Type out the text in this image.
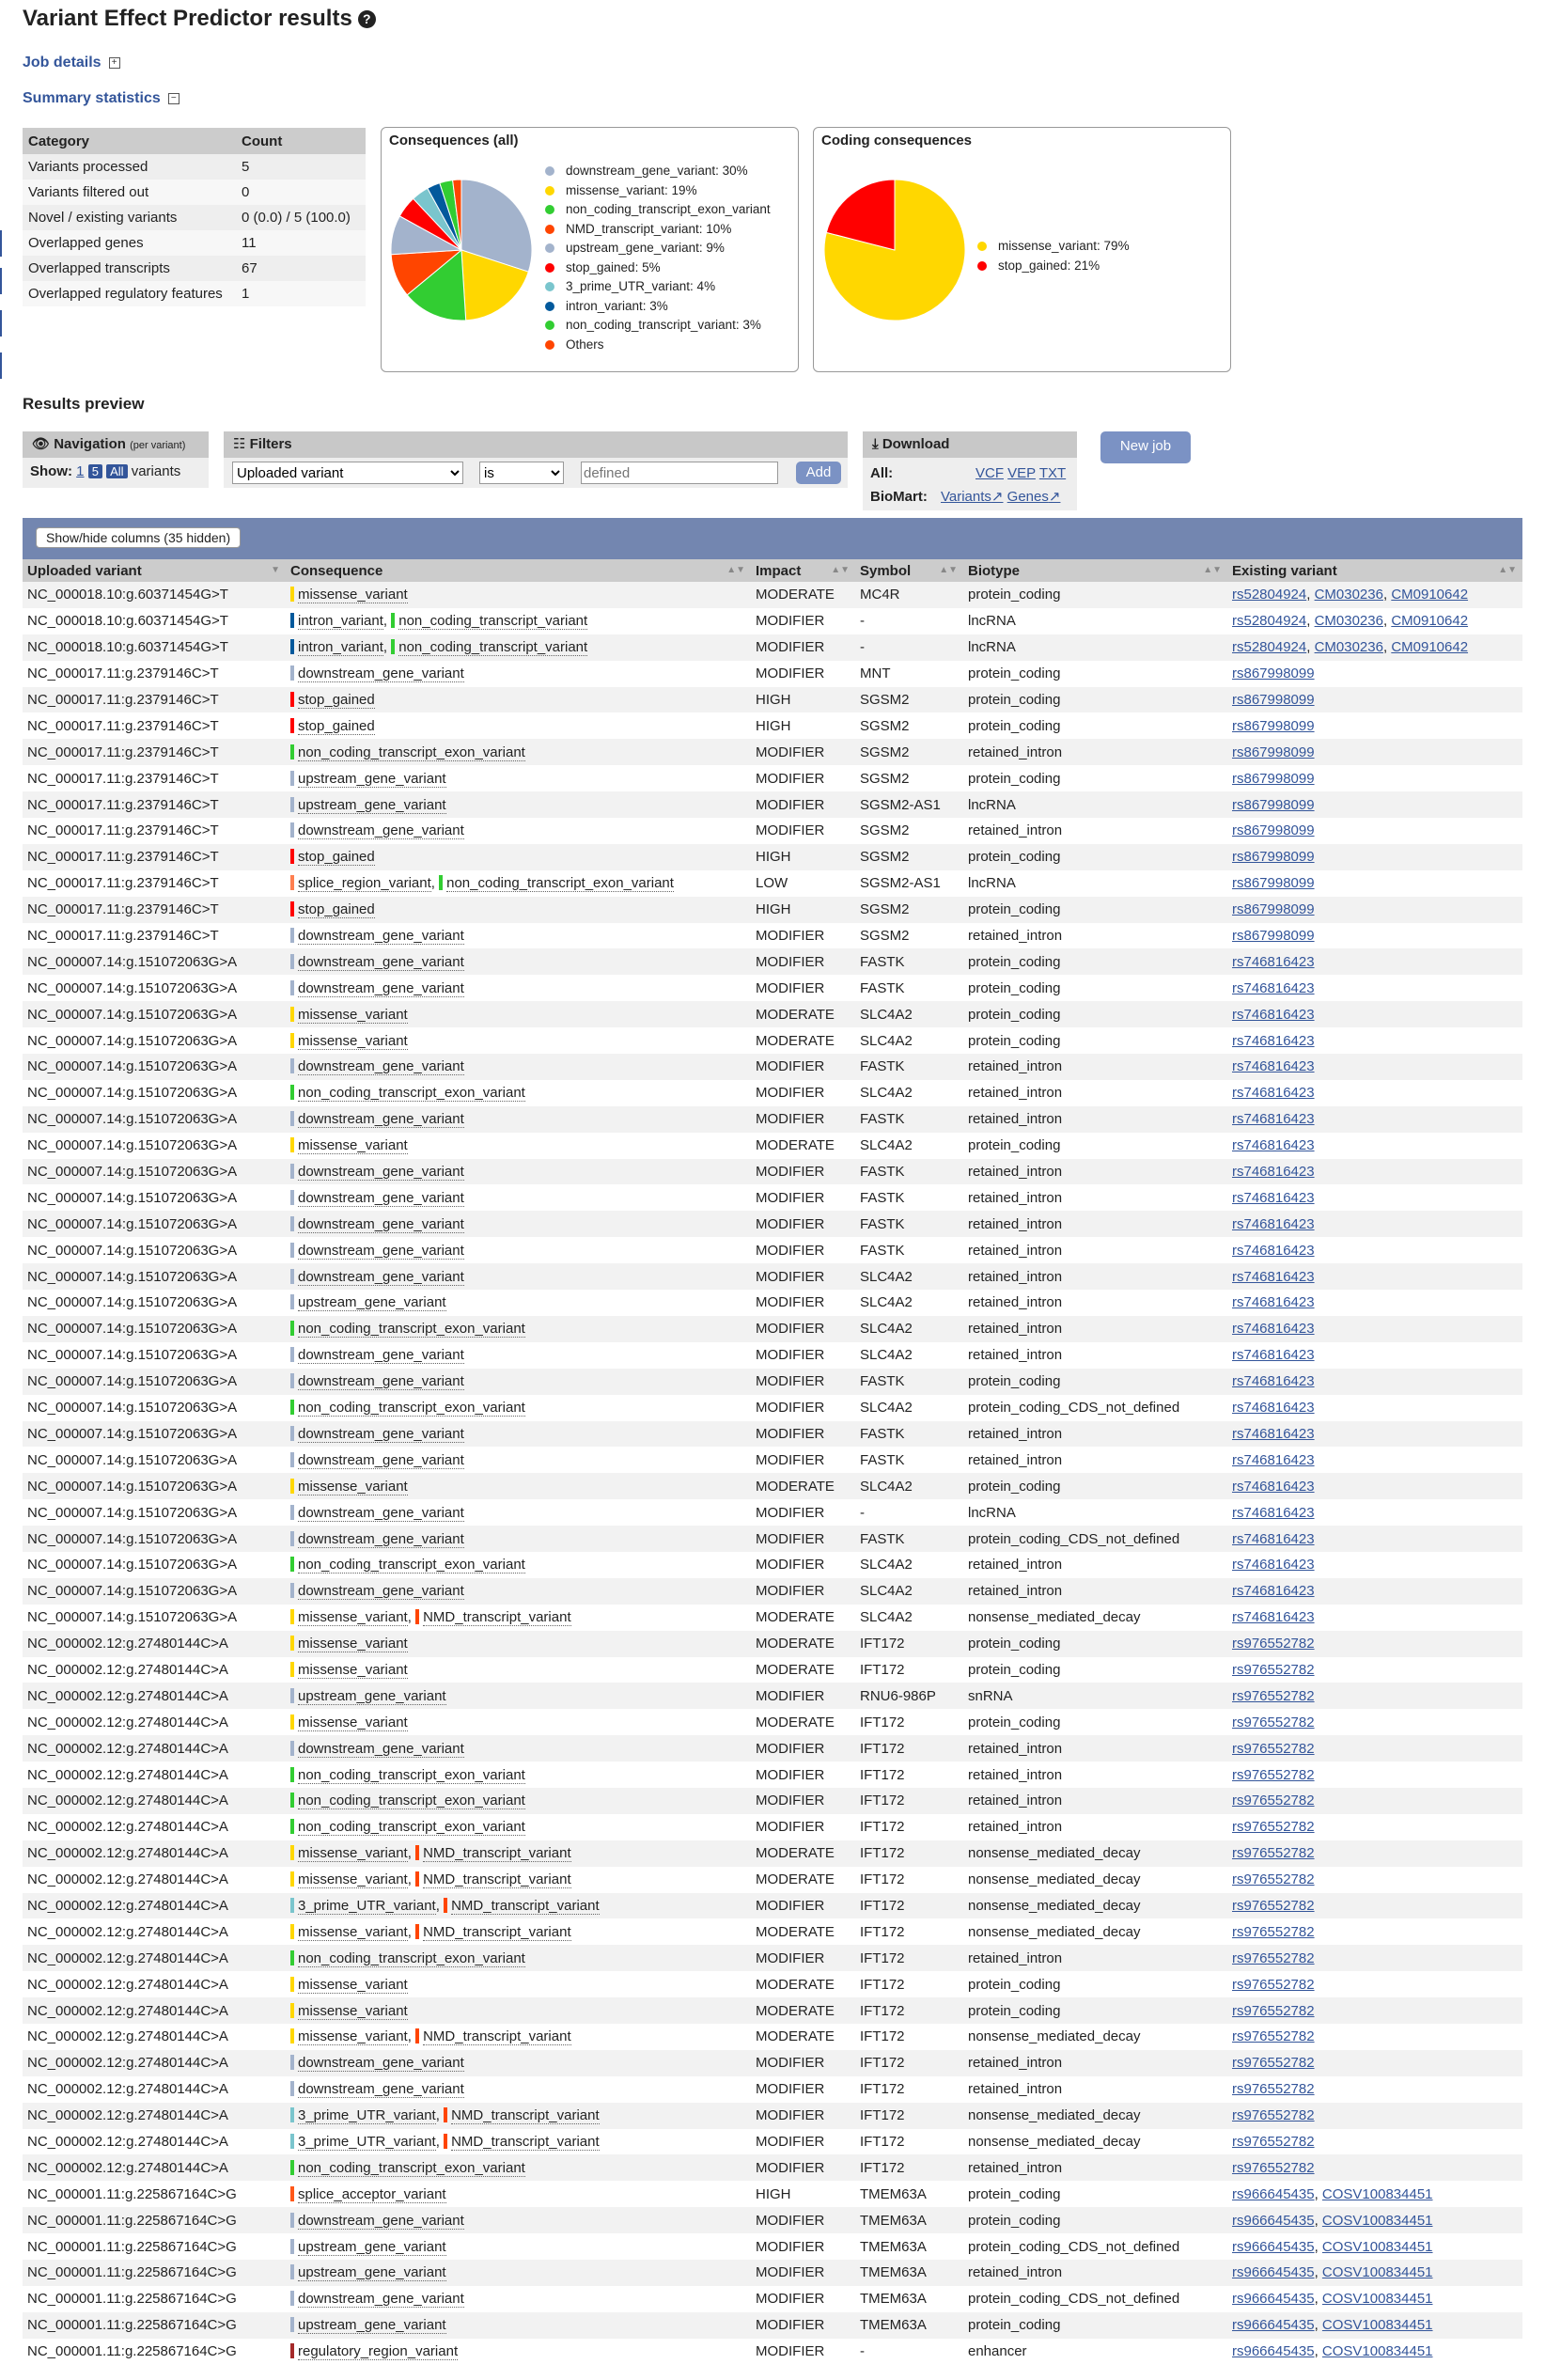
Variant Effect Predictor results ?
Job details +
Summary statistics −
Category	Count
Variants processed	5
Variants filtered out	0
Novel / existing variants	0 (0.0) / 5 (100.0)
Overlapped genes	11
Overlapped transcripts	67
Overlapped regulatory features	1
Consequences (all)
downstream_gene_variant: 30%
missense_variant: 19%
non_coding_transcript_exon_variant
NMD_transcript_variant: 10%
upstream_gene_variant: 9%
stop_gained: 5%
3_prime_UTR_variant: 4%
intron_variant: 3%
non_coding_transcript_variant: 3%
Others
Coding consequences
missense_variant: 79%
stop_gained: 21%
Results preview
👁 Navigation (per variant)
Show: 1 5 All variants
☷ Filters
Uploaded variant
is
defined
Add
⤓ Download
All:	VCF VEP TXT
BioMart: Variants↗ Genes↗
New job
Show/hide columns (35 hidden)
Uploaded variant ▼	Consequence ▲▼	Impact ▲▼	Symbol ▲▼	Biotype ▲▼	Existing variant ▲▼

NC_000018.10:g.60371454G>T	missense_variant	MODERATE	MC4R	protein_coding	rs52804924, CM030236, CM0910642
NC_000018.10:g.60371454G>T	intron_variant, non_coding_transcript_variant	MODIFIER	-	lncRNA	rs52804924, CM030236, CM0910642
NC_000018.10:g.60371454G>T	intron_variant, non_coding_transcript_variant	MODIFIER	-	lncRNA	rs52804924, CM030236, CM0910642
NC_000017.11:g.2379146C>T	downstream_gene_variant	MODIFIER	MNT	protein_coding	rs867998099
NC_000017.11:g.2379146C>T	stop_gained	HIGH	SGSM2	protein_coding	rs867998099
NC_000017.11:g.2379146C>T	stop_gained	HIGH	SGSM2	protein_coding	rs867998099
NC_000017.11:g.2379146C>T	non_coding_transcript_exon_variant	MODIFIER	SGSM2	retained_intron	rs867998099
NC_000017.11:g.2379146C>T	upstream_gene_variant	MODIFIER	SGSM2	protein_coding	rs867998099
NC_000017.11:g.2379146C>T	upstream_gene_variant	MODIFIER	SGSM2-AS1	lncRNA	rs867998099
NC_000017.11:g.2379146C>T	downstream_gene_variant	MODIFIER	SGSM2	retained_intron	rs867998099
NC_000017.11:g.2379146C>T	stop_gained	HIGH	SGSM2	protein_coding	rs867998099
NC_000017.11:g.2379146C>T	splice_region_variant, non_coding_transcript_exon_variant	LOW	SGSM2-AS1	lncRNA	rs867998099
NC_000017.11:g.2379146C>T	stop_gained	HIGH	SGSM2	protein_coding	rs867998099
NC_000017.11:g.2379146C>T	downstream_gene_variant	MODIFIER	SGSM2	retained_intron	rs867998099
NC_000007.14:g.151072063G>A	downstream_gene_variant	MODIFIER	FASTK	protein_coding	rs746816423
NC_000007.14:g.151072063G>A	downstream_gene_variant	MODIFIER	FASTK	protein_coding	rs746816423
NC_000007.14:g.151072063G>A	missense_variant	MODERATE	SLC4A2	protein_coding	rs746816423
NC_000007.14:g.151072063G>A	missense_variant	MODERATE	SLC4A2	protein_coding	rs746816423
NC_000007.14:g.151072063G>A	downstream_gene_variant	MODIFIER	FASTK	retained_intron	rs746816423
NC_000007.14:g.151072063G>A	non_coding_transcript_exon_variant	MODIFIER	SLC4A2	retained_intron	rs746816423
NC_000007.14:g.151072063G>A	downstream_gene_variant	MODIFIER	FASTK	retained_intron	rs746816423
NC_000007.14:g.151072063G>A	missense_variant	MODERATE	SLC4A2	protein_coding	rs746816423
NC_000007.14:g.151072063G>A	downstream_gene_variant	MODIFIER	FASTK	retained_intron	rs746816423
NC_000007.14:g.151072063G>A	downstream_gene_variant	MODIFIER	FASTK	retained_intron	rs746816423
NC_000007.14:g.151072063G>A	downstream_gene_variant	MODIFIER	FASTK	retained_intron	rs746816423
NC_000007.14:g.151072063G>A	downstream_gene_variant	MODIFIER	FASTK	retained_intron	rs746816423
NC_000007.14:g.151072063G>A	downstream_gene_variant	MODIFIER	SLC4A2	retained_intron	rs746816423
NC_000007.14:g.151072063G>A	upstream_gene_variant	MODIFIER	SLC4A2	retained_intron	rs746816423
NC_000007.14:g.151072063G>A	non_coding_transcript_exon_variant	MODIFIER	SLC4A2	retained_intron	rs746816423
NC_000007.14:g.151072063G>A	downstream_gene_variant	MODIFIER	SLC4A2	retained_intron	rs746816423
NC_000007.14:g.151072063G>A	downstream_gene_variant	MODIFIER	FASTK	protein_coding	rs746816423
NC_000007.14:g.151072063G>A	non_coding_transcript_exon_variant	MODIFIER	SLC4A2	protein_coding_CDS_not_defined	rs746816423
NC_000007.14:g.151072063G>A	downstream_gene_variant	MODIFIER	FASTK	retained_intron	rs746816423
NC_000007.14:g.151072063G>A	downstream_gene_variant	MODIFIER	FASTK	retained_intron	rs746816423
NC_000007.14:g.151072063G>A	missense_variant	MODERATE	SLC4A2	protein_coding	rs746816423
NC_000007.14:g.151072063G>A	downstream_gene_variant	MODIFIER	-	lncRNA	rs746816423
NC_000007.14:g.151072063G>A	downstream_gene_variant	MODIFIER	FASTK	protein_coding_CDS_not_defined	rs746816423
NC_000007.14:g.151072063G>A	non_coding_transcript_exon_variant	MODIFIER	SLC4A2	retained_intron	rs746816423
NC_000007.14:g.151072063G>A	downstream_gene_variant	MODIFIER	SLC4A2	retained_intron	rs746816423
NC_000007.14:g.151072063G>A	missense_variant, NMD_transcript_variant	MODERATE	SLC4A2	nonsense_mediated_decay	rs746816423
NC_000002.12:g.27480144C>A	missense_variant	MODERATE	IFT172	protein_coding	rs976552782
NC_000002.12:g.27480144C>A	missense_variant	MODERATE	IFT172	protein_coding	rs976552782
NC_000002.12:g.27480144C>A	upstream_gene_variant	MODIFIER	RNU6-986P	snRNA	rs976552782
NC_000002.12:g.27480144C>A	missense_variant	MODERATE	IFT172	protein_coding	rs976552782
NC_000002.12:g.27480144C>A	downstream_gene_variant	MODIFIER	IFT172	retained_intron	rs976552782
NC_000002.12:g.27480144C>A	non_coding_transcript_exon_variant	MODIFIER	IFT172	retained_intron	rs976552782
NC_000002.12:g.27480144C>A	non_coding_transcript_exon_variant	MODIFIER	IFT172	retained_intron	rs976552782
NC_000002.12:g.27480144C>A	non_coding_transcript_exon_variant	MODIFIER	IFT172	retained_intron	rs976552782
NC_000002.12:g.27480144C>A	missense_variant, NMD_transcript_variant	MODERATE	IFT172	nonsense_mediated_decay	rs976552782
NC_000002.12:g.27480144C>A	missense_variant, NMD_transcript_variant	MODERATE	IFT172	nonsense_mediated_decay	rs976552782
NC_000002.12:g.27480144C>A	3_prime_UTR_variant, NMD_transcript_variant	MODIFIER	IFT172	nonsense_mediated_decay	rs976552782
NC_000002.12:g.27480144C>A	missense_variant, NMD_transcript_variant	MODERATE	IFT172	nonsense_mediated_decay	rs976552782
NC_000002.12:g.27480144C>A	non_coding_transcript_exon_variant	MODIFIER	IFT172	retained_intron	rs976552782
NC_000002.12:g.27480144C>A	missense_variant	MODERATE	IFT172	protein_coding	rs976552782
NC_000002.12:g.27480144C>A	missense_variant	MODERATE	IFT172	protein_coding	rs976552782
NC_000002.12:g.27480144C>A	missense_variant, NMD_transcript_variant	MODERATE	IFT172	nonsense_mediated_decay	rs976552782
NC_000002.12:g.27480144C>A	downstream_gene_variant	MODIFIER	IFT172	retained_intron	rs976552782
NC_000002.12:g.27480144C>A	downstream_gene_variant	MODIFIER	IFT172	retained_intron	rs976552782
NC_000002.12:g.27480144C>A	3_prime_UTR_variant, NMD_transcript_variant	MODIFIER	IFT172	nonsense_mediated_decay	rs976552782
NC_000002.12:g.27480144C>A	3_prime_UTR_variant, NMD_transcript_variant	MODIFIER	IFT172	nonsense_mediated_decay	rs976552782
NC_000002.12:g.27480144C>A	non_coding_transcript_exon_variant	MODIFIER	IFT172	retained_intron	rs976552782
NC_000001.11:g.225867164C>G	splice_acceptor_variant	HIGH	TMEM63A	protein_coding	rs966645435, COSV100834451
NC_000001.11:g.225867164C>G	downstream_gene_variant	MODIFIER	TMEM63A	protein_coding	rs966645435, COSV100834451
NC_000001.11:g.225867164C>G	upstream_gene_variant	MODIFIER	TMEM63A	protein_coding_CDS_not_defined	rs966645435, COSV100834451
NC_000001.11:g.225867164C>G	upstream_gene_variant	MODIFIER	TMEM63A	retained_intron	rs966645435, COSV100834451
NC_000001.11:g.225867164C>G	downstream_gene_variant	MODIFIER	TMEM63A	protein_coding_CDS_not_defined	rs966645435, COSV100834451
NC_000001.11:g.225867164C>G	upstream_gene_variant	MODIFIER	TMEM63A	protein_coding	rs966645435, COSV100834451
NC_000001.11:g.225867164C>G	regulatory_region_variant	MODIFIER	-	enhancer	rs966645435, COSV100834451
